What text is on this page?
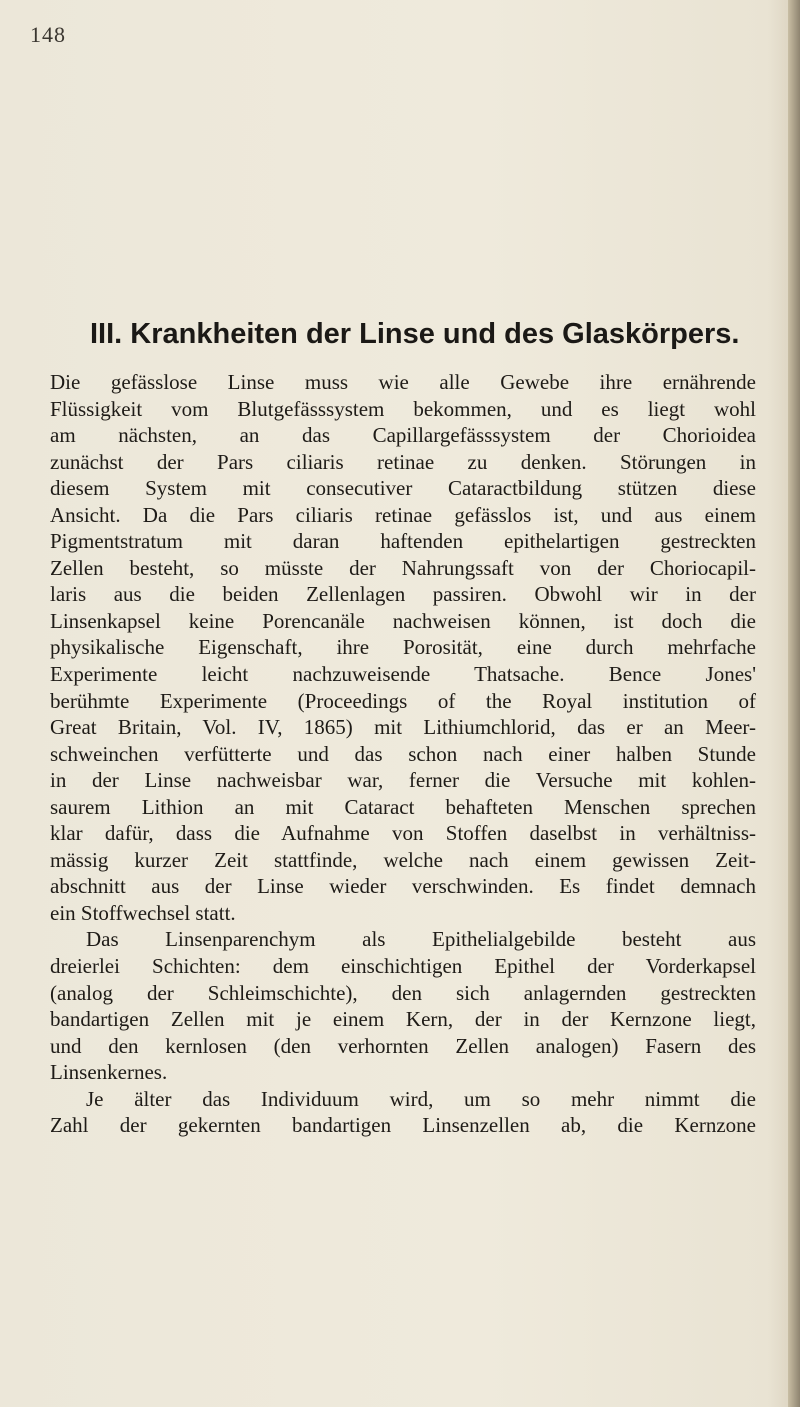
148
III. Krankheiten der Linse und des Glaskörpers.
Die gefässlose Linse muss wie alle Gewebe ihre ernährende
Flüssigkeit vom Blutgefässsystem bekommen, und es liegt wohl
am nächsten, an das Capillargefässsystem der Chorioidea
zunächst der Pars ciliaris retinae zu denken. Störungen in
diesem System mit consecutiver Cataractbildung stützen diese
Ansicht. Da die Pars ciliaris retinae gefässlos ist, und aus einem
Pigmentstratum mit daran haftenden epithelartigen gestreckten
Zellen besteht, so müsste der Nahrungssaft von der Choriocapil-
laris aus die beiden Zellenlagen passiren. Obwohl wir in der
Linsenkapsel keine Porencanäle nachweisen können, ist doch die
physikalische Eigenschaft, ihre Porosität, eine durch mehrfache
Experimente leicht nachzuweisende Thatsache. Bence Jones'
berühmte Experimente (Proceedings of the Royal institution of
Great Britain, Vol. IV, 1865) mit Lithiumchlorid, das er an Meer-
schweinchen verfütterte und das schon nach einer halben Stunde
in der Linse nachweisbar war, ferner die Versuche mit kohlen-
saurem Lithion an mit Cataract behafteten Menschen sprechen
klar dafür, dass die Aufnahme von Stoffen daselbst in verhältniss-
mässig kurzer Zeit stattfinde, welche nach einem gewissen Zeit-
abschnitt aus der Linse wieder verschwinden. Es findet demnach
ein Stoffwechsel statt.
Das Linsenparenchym als Epithelialgebilde besteht aus
dreierlei Schichten: dem einschichtigen Epithel der Vorderkapsel
(analog der Schleimschichte), den sich anlagernden gestreckten
bandartigen Zellen mit je einem Kern, der in der Kernzone liegt,
und den kernlosen (den verhornten Zellen analogen) Fasern des
Linsenkernes.
Je älter das Individuum wird, um so mehr nimmt die
Zahl der gekernten bandartigen Linsenzellen ab, die Kernzone
